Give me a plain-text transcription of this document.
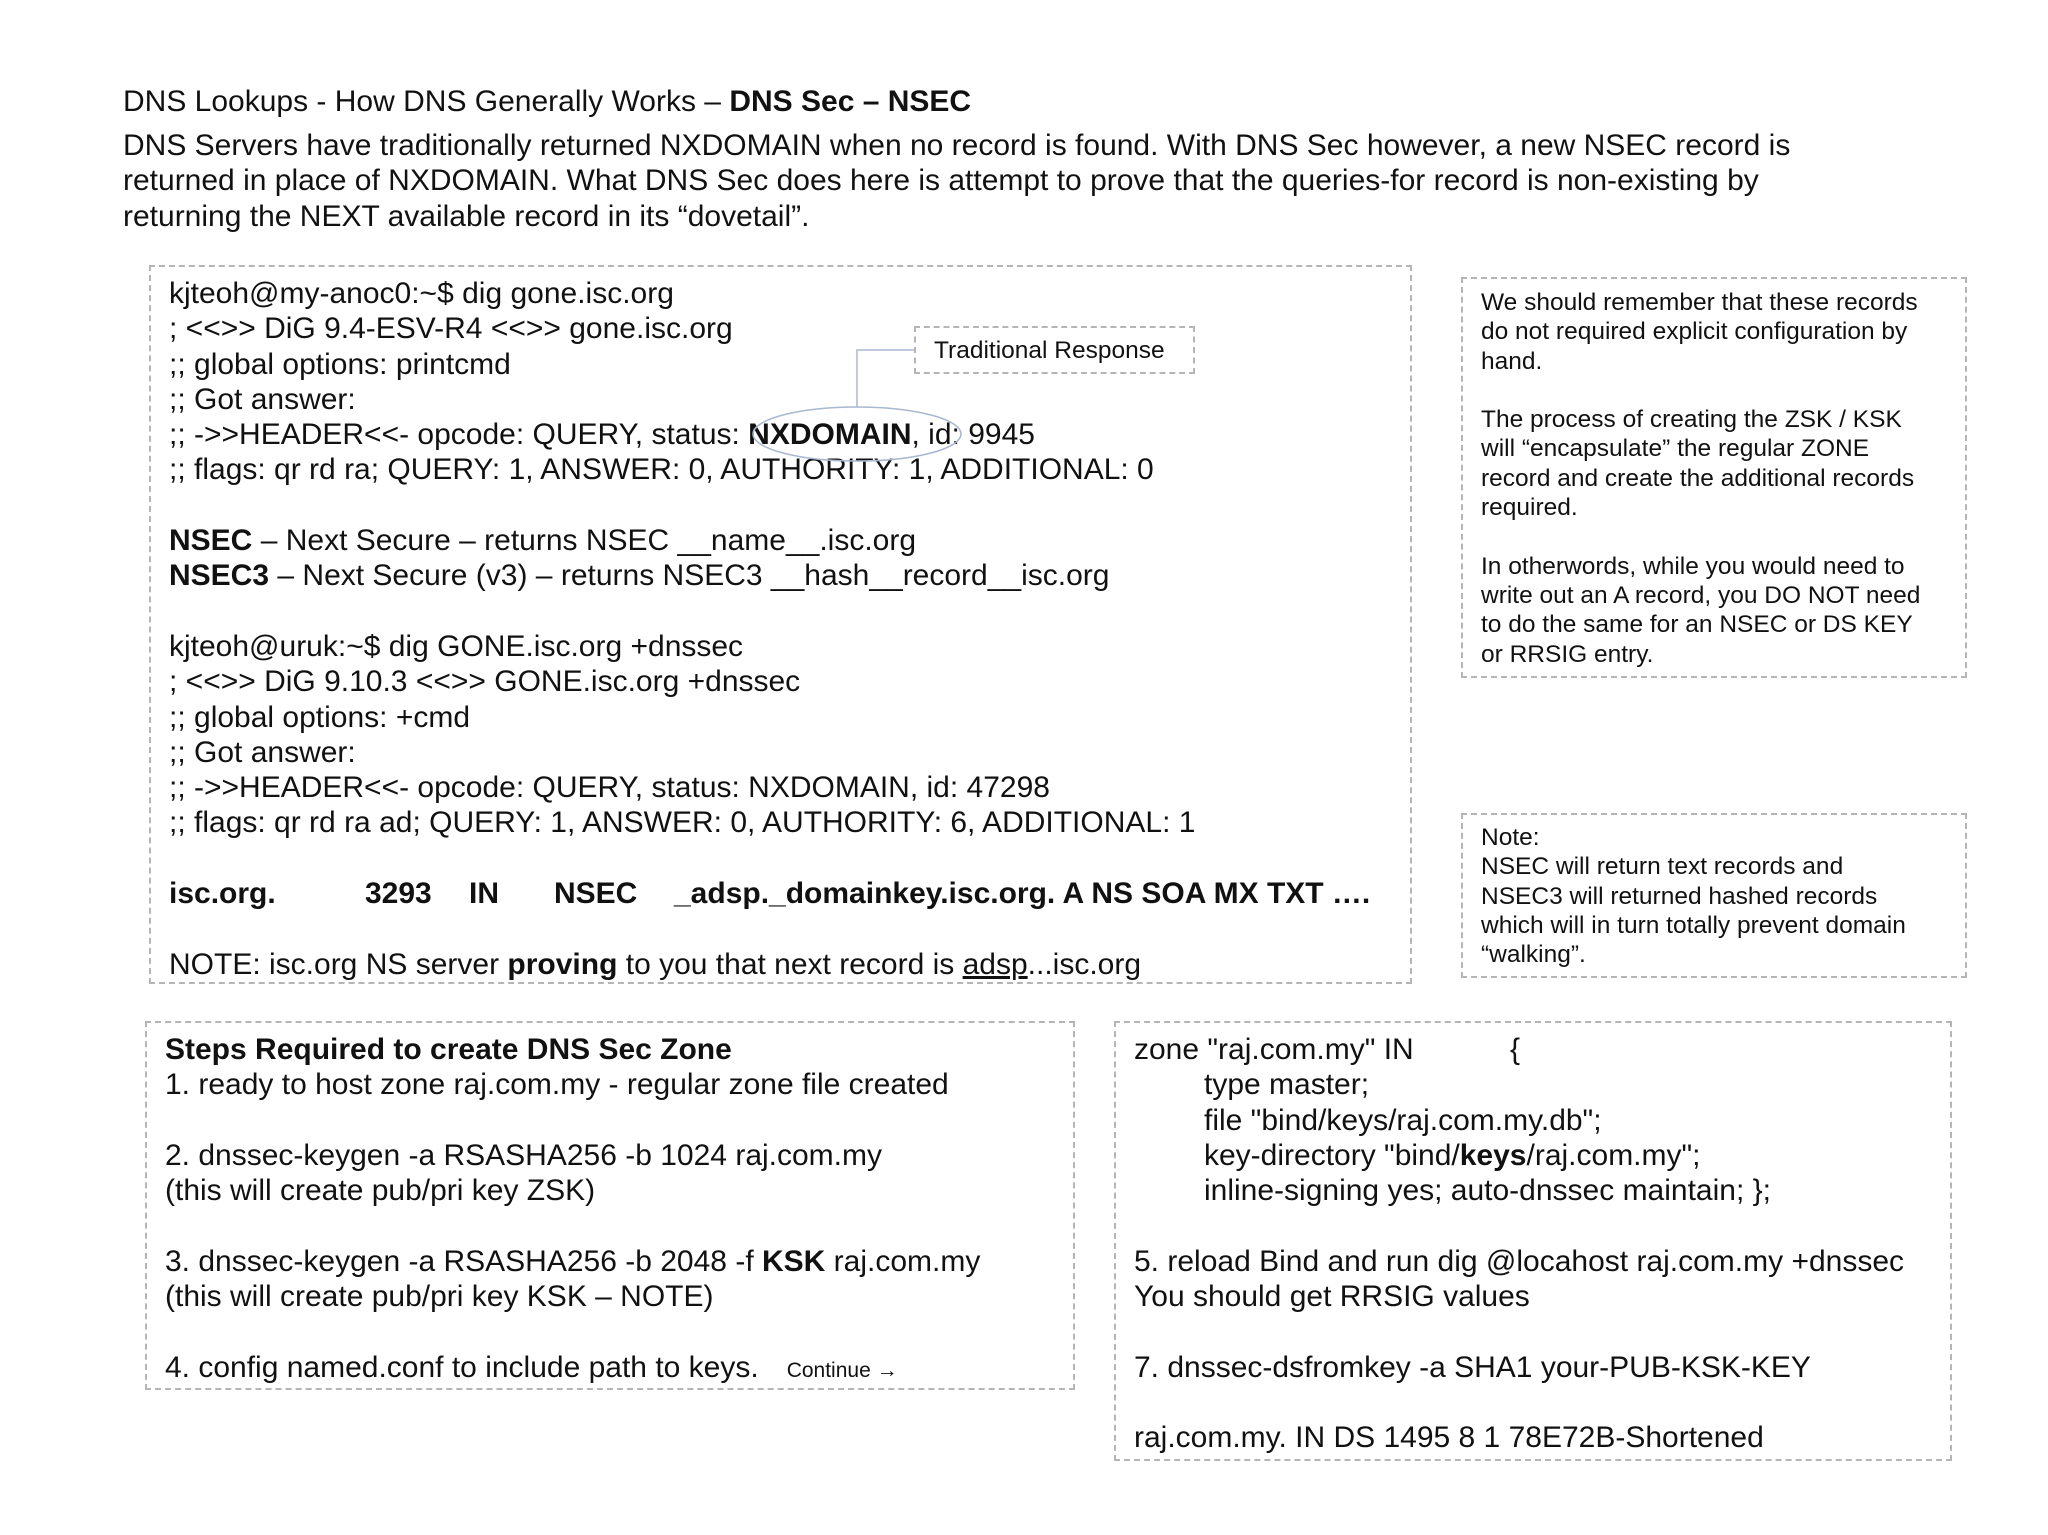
DNS Lookups - How DNS Generally Works – DNS Sec – NSEC
DNS Servers have traditionally returned NXDOMAIN when no record is found. With DNS Sec however, a new NSEC record is
returned in place of NXDOMAIN. What DNS Sec does here is attempt to prove that the queries-for record is non-existing by
returning the NEXT available record in its “dovetail”.
kjteoh@my-anoc0:~$ dig gone.isc.org
; <<>> DiG 9.4-ESV-R4 <<>> gone.isc.org
;; global options: printcmd
;; Got answer:
;; ->>HEADER<<- opcode: QUERY, status: NXDOMAIN, id: 9945
;; flags: qr rd ra; QUERY: 1, ANSWER: 0, AUTHORITY: 1, ADDITIONAL: 0
NSEC – Next Secure – returns NSEC __name__.isc.org
NSEC3 – Next Secure (v3) – returns NSEC3 __hash__record__isc.org
kjteoh@uruk:~$ dig GONE.isc.org +dnssec
; <<>> DiG 9.10.3 <<>> GONE.isc.org +dnssec
;; global options: +cmd
;; Got answer:
;; ->>HEADER<<- opcode: QUERY, status: NXDOMAIN, id: 47298
;; flags: qr rd ra ad; QUERY: 1, ANSWER: 0, AUTHORITY: 6, ADDITIONAL: 1
isc.org.	3293 IN NSEC _adsp._domainkey.isc.org. A NS SOA MX TXT ….
NOTE: isc.org NS server proving to you that next record is adsp...isc.org
Traditional Response
We should remember that these records
do not required explicit configuration by
hand.
The process of creating the ZSK / KSK
will “encapsulate” the regular ZONE
record and create the additional records
required.
In otherwords, while you would need to
write out an A record, you DO NOT need
to do the same for an NSEC or DS KEY
or RRSIG entry.
Note:
NSEC will return text records and
NSEC3 will returned hashed records
which will in turn totally prevent domain
“walking”.
Steps Required to create DNS Sec Zone
1. ready to host zone raj.com.my - regular zone file created
2. dnssec-keygen -a RSASHA256 -b 1024 raj.com.my
(this will create pub/pri key ZSK)
3. dnssec-keygen -a RSASHA256 -b 2048 -f KSK raj.com.my
(this will create pub/pri key KSK – NOTE)
4. config named.conf to include path to keys. Continue →
zone "raj.com.my" IN	{
type master;
file "bind/keys/raj.com.my.db";
key-directory "bind/keys/raj.com.my";
inline-signing yes; auto-dnssec maintain; };
5. reload Bind and run dig @locahost raj.com.my +dnssec
You should get RRSIG values
7. dnssec-dsfromkey -a SHA1 your-PUB-KSK-KEY
raj.com.my. IN DS 1495 8 1 78E72B-Shortened
